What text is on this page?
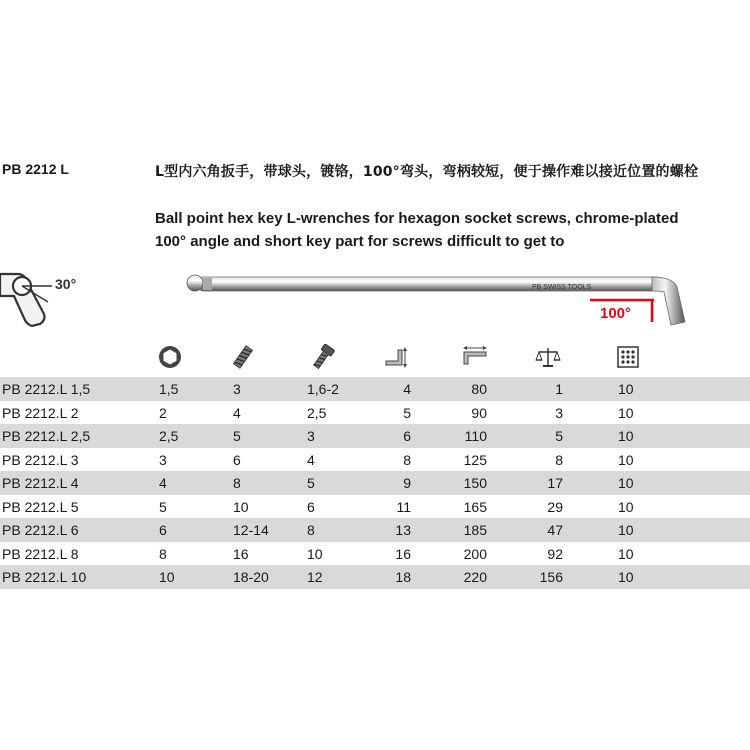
PB 2212 L	L型内六角扳手，带球头，镀铬，100°弯头，弯柄较短，便于操作难以接近位置的螺栓
Ball point hex key L-wrenches for hexagon socket screws, chrome-plated
100° angle and short key part for screws difficult to get to
30°	PB SWISS TOOLS
100°
PB 2212.L 1,5	1,5	3	1,6-2	4	80	1	10
PB 2212.L 2	2	4	2,5	5	90	3	10
PB 2212.L 2,5	2,5	5	3	6	110	5	10
PB 2212.L 3	3	6	4	8	125	8	10
PB 2212.L 4	4	8	5	9	150	17	10
PB 2212.L 5	5	10	6	11	165	29	10
PB 2212.L 6	6	12-14	8	13	185	47	10
PB 2212.L 8	8	16	10	16	200	92	10
PB 2212.L 10	10	18-20	12	18	220	156	10
